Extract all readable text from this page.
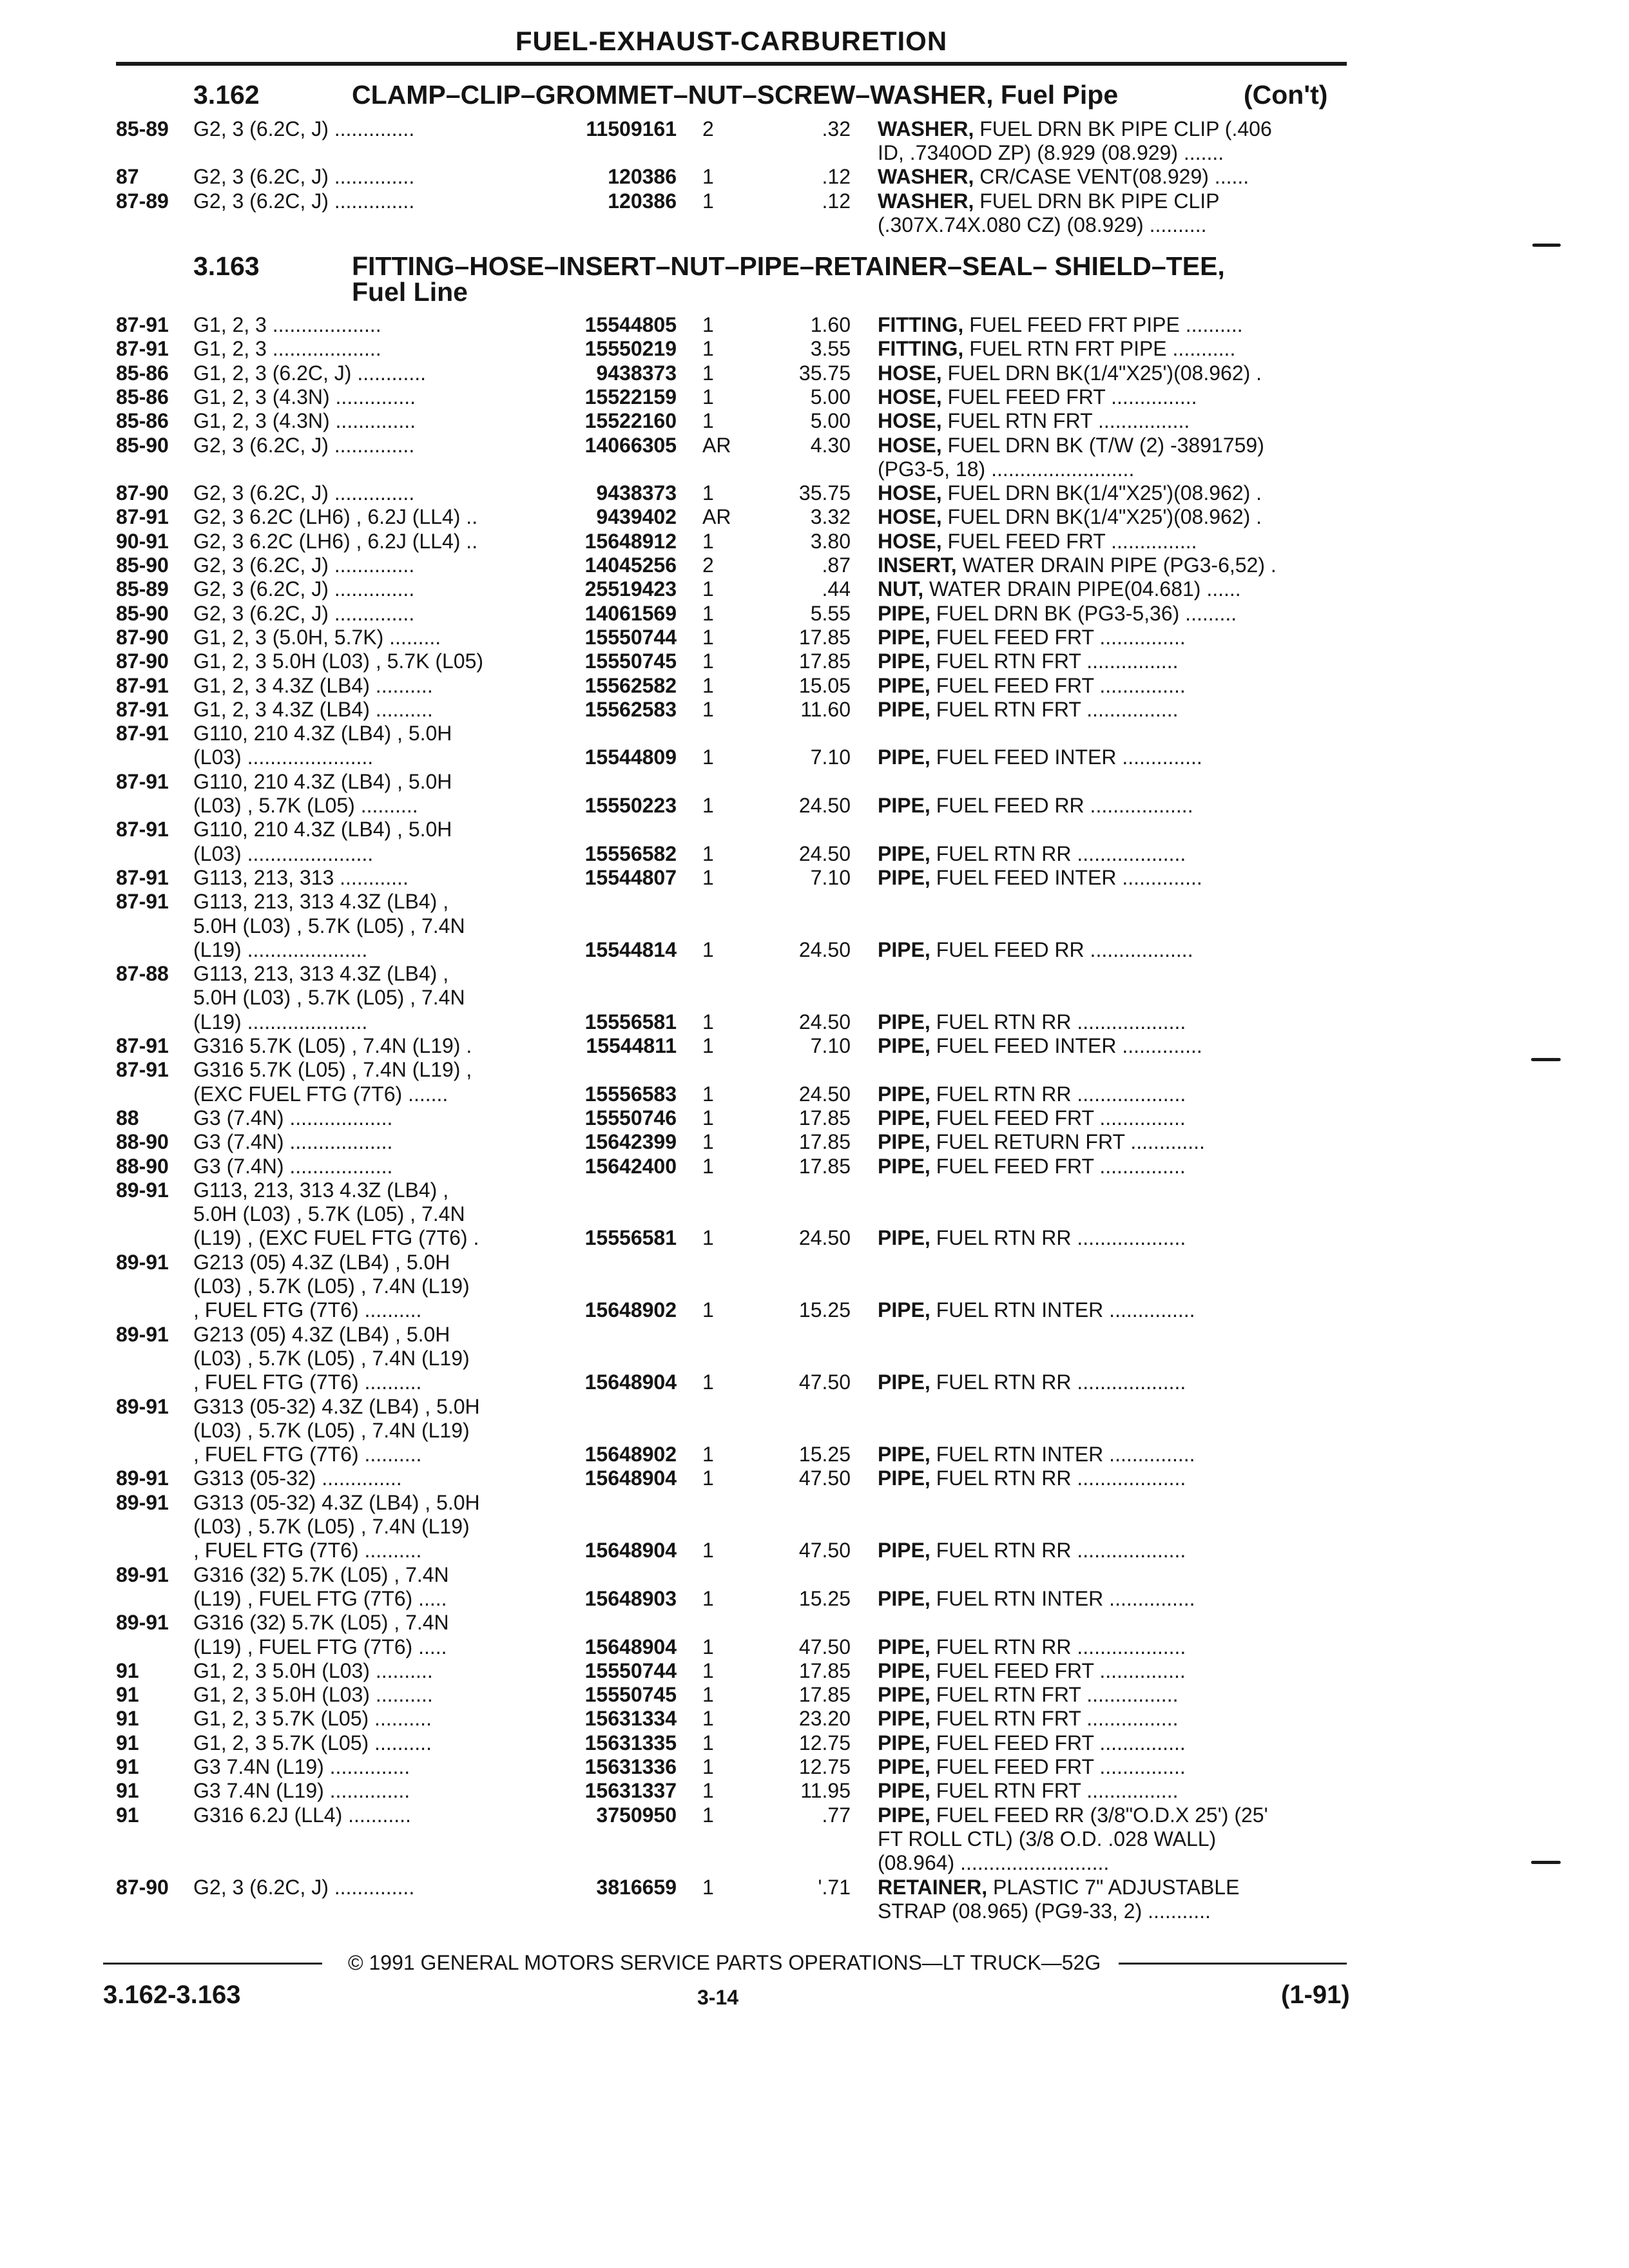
FUEL-EXHAUST-CARBURETION
3.162	CLAMP–CLIP–GROMMET–NUT–SCREW–WASHER, Fuel Pipe	(Con't)
85-89 G2, 3 (6.2C, J) ..............	11509161 2	.32 WASHER, FUEL DRN BK PIPE CLIP (.406
ID, .7340OD ZP) (8.929 (08.929) .......
87	G2, 3 (6.2C, J) ..............	120386 1	.12 WASHER, CR/CASE VENT(08.929) ......
87-89 G2, 3 (6.2C, J) ..............	120386 1	.12 WASHER, FUEL DRN BK PIPE CLIP
(.307X.74X.080 CZ) (08.929) ..........
3.163	FITTING–HOSE–INSERT–NUT–PIPE–RETAINER–SEAL– SHIELD–TEE,
Fuel Line
87-91 G1, 2, 3 ...................	15544805 1	1.60 FITTING, FUEL FEED FRT PIPE ..........
87-91 G1, 2, 3 ...................	15550219 1	3.55 FITTING, FUEL RTN FRT PIPE ...........
85-86 G1, 2, 3 (6.2C, J) ............	9438373 1	35.75 HOSE, FUEL DRN BK(1/4"X25')(08.962) .
85-86 G1, 2, 3 (4.3N) ..............	15522159 1	5.00 HOSE, FUEL FEED FRT ...............
85-86 G1, 2, 3 (4.3N) ..............	15522160 1	5.00 HOSE, FUEL RTN FRT ................
85-90 G2, 3 (6.2C, J) ..............	14066305 AR	4.30 HOSE, FUEL DRN BK (T/W (2) -3891759)
(PG3-5, 18) .........................
87-90 G2, 3 (6.2C, J) ..............	9438373 1	35.75 HOSE, FUEL DRN BK(1/4"X25')(08.962) .
87-91 G2, 3 6.2C (LH6) , 6.2J (LL4) ..	9439402 AR	3.32 HOSE, FUEL DRN BK(1/4"X25')(08.962) .
90-91 G2, 3 6.2C (LH6) , 6.2J (LL4) ..	15648912 1	3.80 HOSE, FUEL FEED FRT ...............
85-90 G2, 3 (6.2C, J) ..............	14045256 2	.87 INSERT, WATER DRAIN PIPE (PG3-6,52) .
85-89 G2, 3 (6.2C, J) ..............	25519423 1	.44 NUT, WATER DRAIN PIPE(04.681) ......
85-90 G2, 3 (6.2C, J) ..............	14061569 1	5.55 PIPE, FUEL DRN BK (PG3-5,36) .........
87-90 G1, 2, 3 (5.0H, 5.7K) .........	15550744 1	17.85 PIPE, FUEL FEED FRT ...............
87-90 G1, 2, 3 5.0H (L03) , 5.7K (L05)	15550745 1	17.85 PIPE, FUEL RTN FRT ................
87-91 G1, 2, 3 4.3Z (LB4) ..........	15562582 1	15.05 PIPE, FUEL FEED FRT ...............
87-91 G1, 2, 3 4.3Z (LB4) ..........	15562583 1	11.60 PIPE, FUEL RTN FRT ................
87-91 G110, 210 4.3Z (LB4) , 5.0H
(L03) ......................	15544809 1	7.10 PIPE, FUEL FEED INTER ..............
87-91 G110, 210 4.3Z (LB4) , 5.0H
(L03) , 5.7K (L05) ..........	15550223 1	24.50 PIPE, FUEL FEED RR ..................
87-91 G110, 210 4.3Z (LB4) , 5.0H
(L03) ......................	15556582 1	24.50 PIPE, FUEL RTN RR ...................
87-91 G113, 213, 313 ............	15544807 1	7.10 PIPE, FUEL FEED INTER ..............
87-91 G113, 213, 313 4.3Z (LB4) ,
5.0H (L03) , 5.7K (L05) , 7.4N
(L19) .....................	15544814 1	24.50 PIPE, FUEL FEED RR ..................
87-88 G113, 213, 313 4.3Z (LB4) ,
5.0H (L03) , 5.7K (L05) , 7.4N
(L19) .....................	15556581 1	24.50 PIPE, FUEL RTN RR ...................
87-91 G316 5.7K (L05) , 7.4N (L19) .	15544811 1	7.10 PIPE, FUEL FEED INTER ..............
87-91 G316 5.7K (L05) , 7.4N (L19) ,
(EXC FUEL FTG (7T6) .......	15556583 1	24.50 PIPE, FUEL RTN RR ...................
88	G3 (7.4N) ..................	15550746 1	17.85 PIPE, FUEL FEED FRT ...............
88-90 G3 (7.4N) ..................	15642399 1	17.85 PIPE, FUEL RETURN FRT .............
88-90 G3 (7.4N) ..................	15642400 1	17.85 PIPE, FUEL FEED FRT ...............
89-91 G113, 213, 313 4.3Z (LB4) ,
5.0H (L03) , 5.7K (L05) , 7.4N
(L19) , (EXC FUEL FTG (7T6) .	15556581 1	24.50 PIPE, FUEL RTN RR ...................
89-91 G213 (05) 4.3Z (LB4) , 5.0H
(L03) , 5.7K (L05) , 7.4N (L19)
, FUEL FTG (7T6) ..........	15648902 1	15.25 PIPE, FUEL RTN INTER ...............
89-91 G213 (05) 4.3Z (LB4) , 5.0H
(L03) , 5.7K (L05) , 7.4N (L19)
, FUEL FTG (7T6) ..........	15648904 1	47.50 PIPE, FUEL RTN RR ...................
89-91 G313 (05-32) 4.3Z (LB4) , 5.0H
(L03) , 5.7K (L05) , 7.4N (L19)
, FUEL FTG (7T6) ..........	15648902 1	15.25 PIPE, FUEL RTN INTER ...............
89-91 G313 (05-32) ..............	15648904 1	47.50 PIPE, FUEL RTN RR ...................
89-91 G313 (05-32) 4.3Z (LB4) , 5.0H
(L03) , 5.7K (L05) , 7.4N (L19)
, FUEL FTG (7T6) ..........	15648904 1	47.50 PIPE, FUEL RTN RR ...................
89-91 G316 (32) 5.7K (L05) , 7.4N
(L19) , FUEL FTG (7T6) .....	15648903 1	15.25 PIPE, FUEL RTN INTER ...............
89-91 G316 (32) 5.7K (L05) , 7.4N
(L19) , FUEL FTG (7T6) .....	15648904 1	47.50 PIPE, FUEL RTN RR ...................
91	G1, 2, 3 5.0H (L03) ..........	15550744 1	17.85 PIPE, FUEL FEED FRT ...............
91	G1, 2, 3 5.0H (L03) ..........	15550745 1	17.85 PIPE, FUEL RTN FRT ................
91	G1, 2, 3 5.7K (L05) ..........	15631334 1	23.20 PIPE, FUEL RTN FRT ................
91	G1, 2, 3 5.7K (L05) ..........	15631335 1	12.75 PIPE, FUEL FEED FRT ...............
91	G3 7.4N (L19) ..............	15631336 1	12.75 PIPE, FUEL FEED FRT ...............
91	G3 7.4N (L19) ..............	15631337 1	11.95 PIPE, FUEL RTN FRT ................
91	G316 6.2J (LL4) ...........	3750950 1	.77 PIPE, FUEL FEED RR (3/8"O.D.X 25') (25'
FT ROLL CTL) (3/8 O.D. .028 WALL)
(08.964) ..........................
87-90 G2, 3 (6.2C, J) ..............	3816659 1	'.71 RETAINER, PLASTIC 7" ADJUSTABLE
STRAP (08.965) (PG9-33, 2) ...........
© 1991 GENERAL MOTORS SERVICE PARTS OPERATIONS—LT TRUCK—52G
3.162-3.163	3-14	(1-91)
